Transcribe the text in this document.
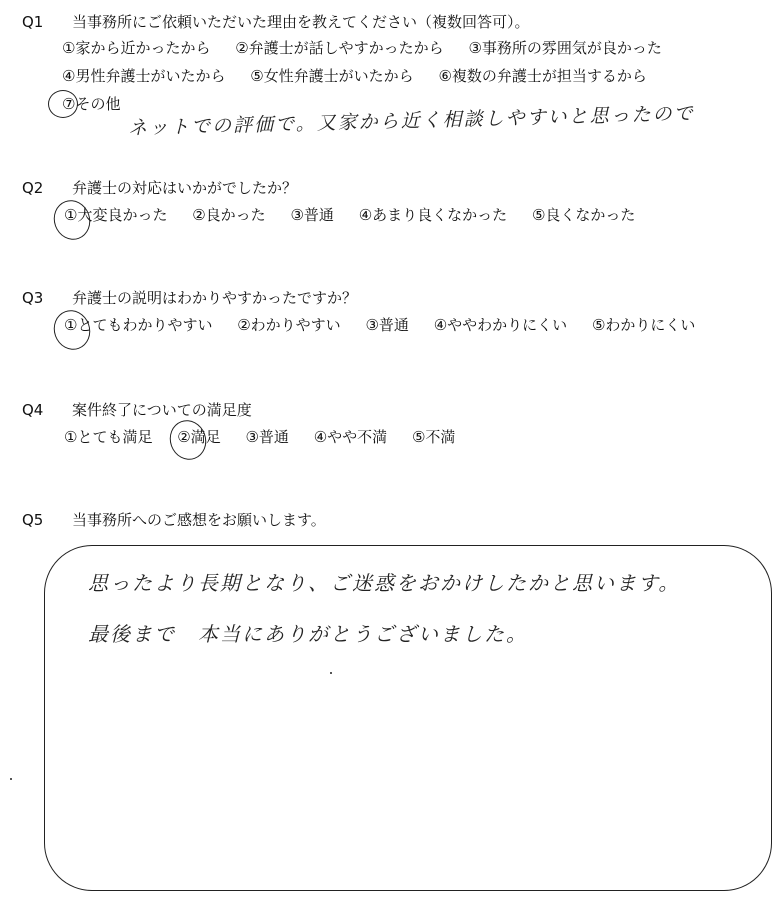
Q1 当事務所にご依頼いただいた理由を教えてください（複数回答可）。
①家から近かったから ②弁護士が話しやすかったから ③事務所の雰囲気が良かった
④男性弁護士がいたから ⑤女性弁護士がいたから ⑥複数の弁護士が担当するから
⑦その他 ネットでの評価で。又家から近く相談しやすいと思ったので
Q2 弁護士の対応はいかがでしたか？
①大変良かった ②良かった ③普通 ④あまり良くなかった ⑤良くなかった
Q3 弁護士の説明はわかりやすかったですか？
①とてもわかりやすい ②わかりやすい ③普通 ④ややわかりにくい ⑤わかりにくい
Q4 案件終了についての満足度
①とても満足 ②満足 ③普通 ④やや不満 ⑤不満
Q5 当事務所へのご感想をお願いします。
思ったより長期となり、ご迷惑をおかけしたかと思います。
最後まで　本当にありがとうございました。
